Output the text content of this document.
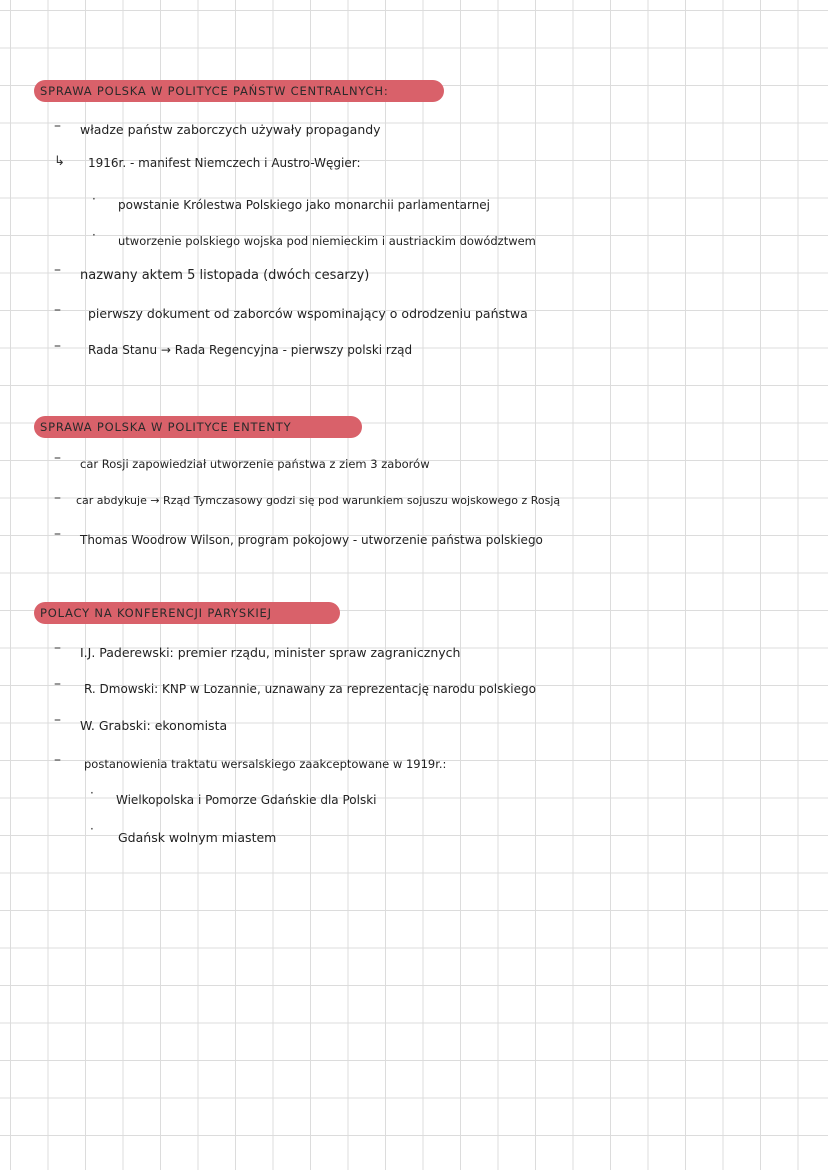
SPRAWA POLSKA W POLITYCE PAŃSTW CENTRALNYCH:
– władze państw zaborczych używały propagandy
↳ 1916r. - manifest Niemczech i Austro-Węgier:
· powstanie Królestwa Polskiego jako monarchii parlamentarnej
· utworzenie polskiego wojska pod niemieckim i austriackim dowództwem
– nazwany aktem 5 listopada (dwóch cesarzy)
– pierwszy dokument od zaborców wspominający o odrodzeniu państwa
– Rada Stanu → Rada Regencyjna - pierwszy polski rząd
SPRAWA POLSKA W POLITYCE ENTENTY
– car Rosji zapowiedział utworzenie państwa z ziem 3 zaborów
– car abdykuje → Rząd Tymczasowy godzi się pod warunkiem sojuszu wojskowego z Rosją
– Thomas Woodrow Wilson, program pokojowy - utworzenie państwa polskiego
POLACY NA KONFERENCJI PARYSKIEJ
– I.J. Paderewski: premier rządu, minister spraw zagranicznych
– R. Dmowski: KNP w Lozannie, uznawany za reprezentację narodu polskiego
– W. Grabski: ekonomista
– postanowienia traktatu wersalskiego zaakceptowane w 1919r.:
· Wielkopolska i Pomorze Gdańskie dla Polski
·
Gdańsk wolnym miastem
